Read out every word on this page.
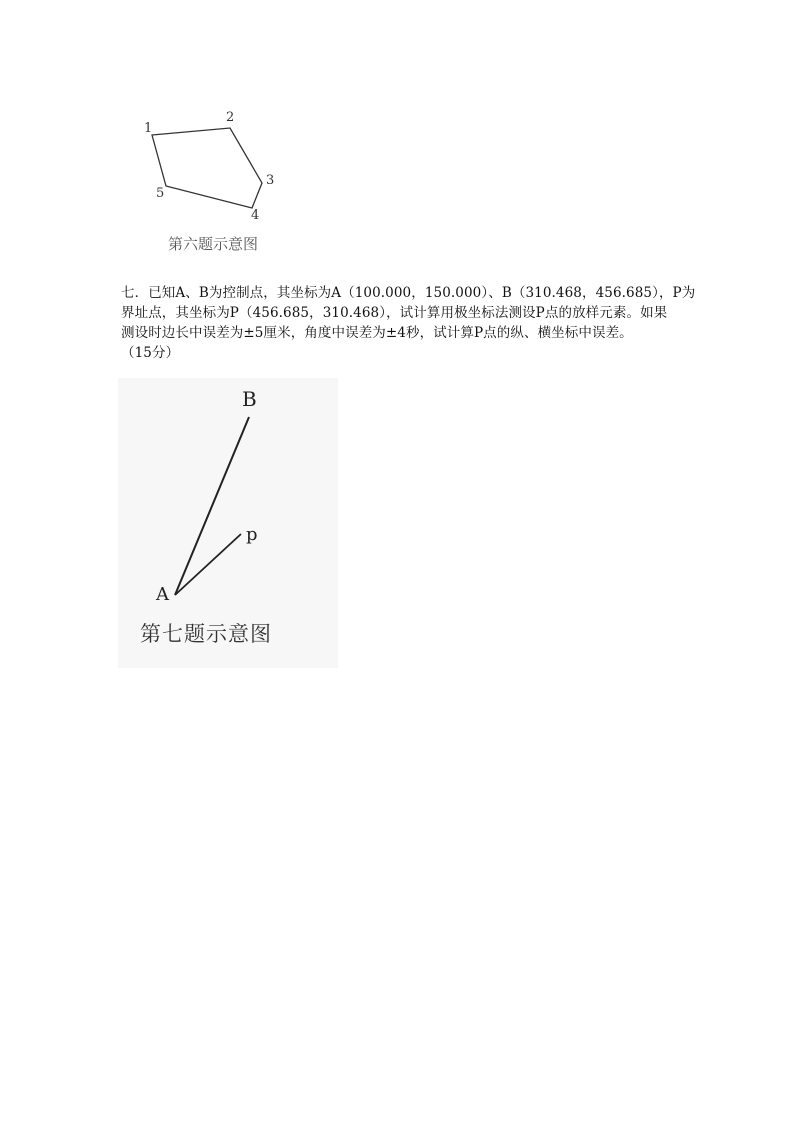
1
2
3
4
5
第六题示意图

七．已知A、B为控制点，其坐标为A（100.000，150.000）、B（310.468，456.685），P为

界址点，其坐标为P（456.685，310.468），试计算用极坐标法测设P点的放样元素。如果

测设时边长中误差为±5厘米，角度中误差为±4秒，试计算P点的纵、横坐标中误差。

（15分）

B
p
A
第七题示意图
